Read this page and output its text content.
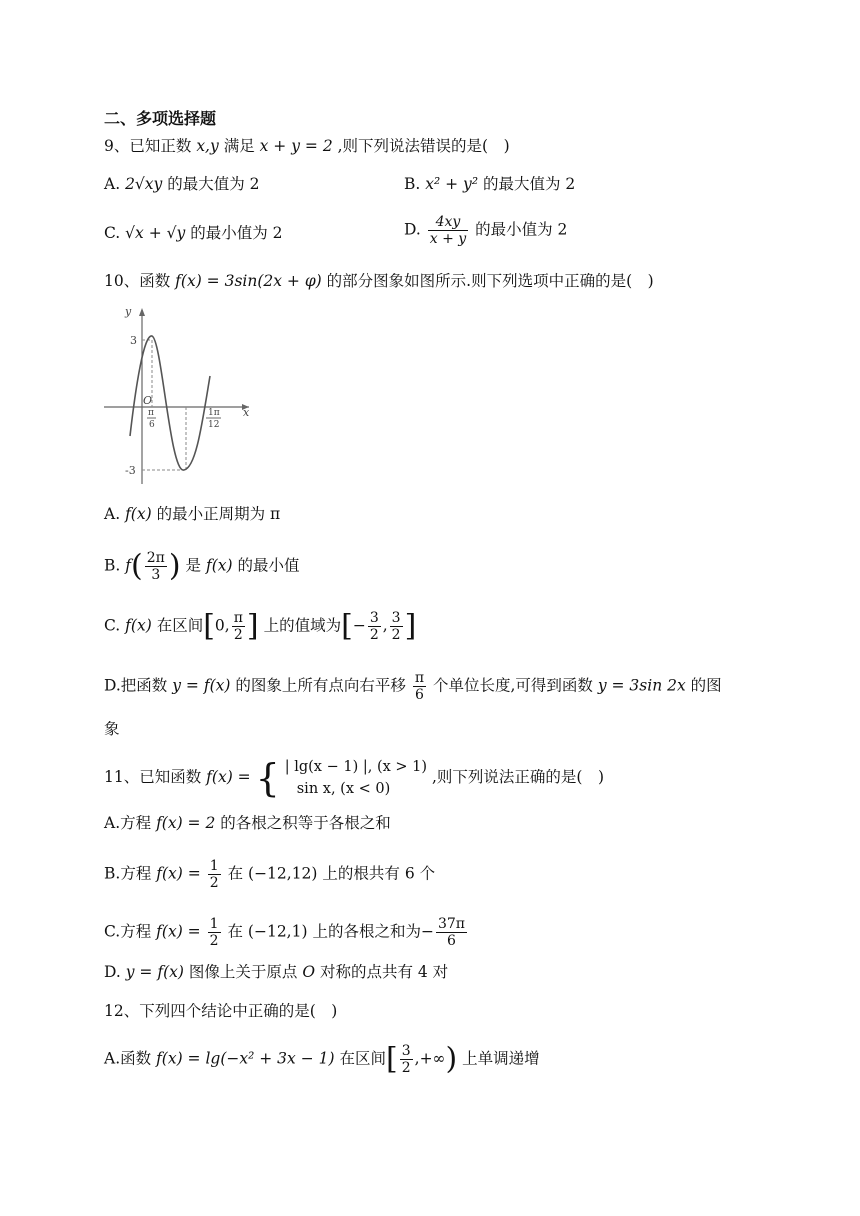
二、多项选择题
9、已知正数 x,y 满足 x + y = 2 ,则下列说法错误的是(　)
A. 2√xy 的最大值为 2	B. x² + y² 的最大值为 2
C. √x + √y 的最小值为 2	D. $\frac{4xy}{x + y}$ 的最小值为 2
10、函数 f(x) = 3sin(2x + φ) 的部分图象如图所示.则下列选项中正确的是(　)
y
x
3
-3
O
π
6
1π
12
A. f(x) 的最小正周期为 π
B. $f( \frac{2\pi}{3}$ ) 是 f(x) 的最小值
C. f(x) 在区间[0, $\frac{\pi}{2}$ ] 上的值域为[− $\frac{3}{2}$ , $\frac{3}{2}$ ]
D.把函数 y = f(x) 的图象上所有点向右平移 $\frac{\pi}{6}$ 个单位长度,可得到函数 y = 3sin 2x 的图
象
11、已知函数 f(x) = { | lg(x − 1) |, (x > 1)
sin x, (x < 0)
,则下列说法正确的是(　)
A.方程 f(x) = 2 的各根之积等于各根之和
B.方程 $f(x) = \frac{1}{2}$ 在 (−12,12) 上的根共有 6 个
C.方程 $f(x) = \frac{1}{2}$ 在 (−12,1) 上的各根之和为− $\frac{37\pi}{6}$
D. y = f(x) 图像上关于原点 O 对称的点共有 4 对
12、下列四个结论中正确的是(　)
A.函数 f(x) = lg(−x² + 3x − 1) 在区间[ $\frac{3}{2}$ ,+∞) 上单调递增
